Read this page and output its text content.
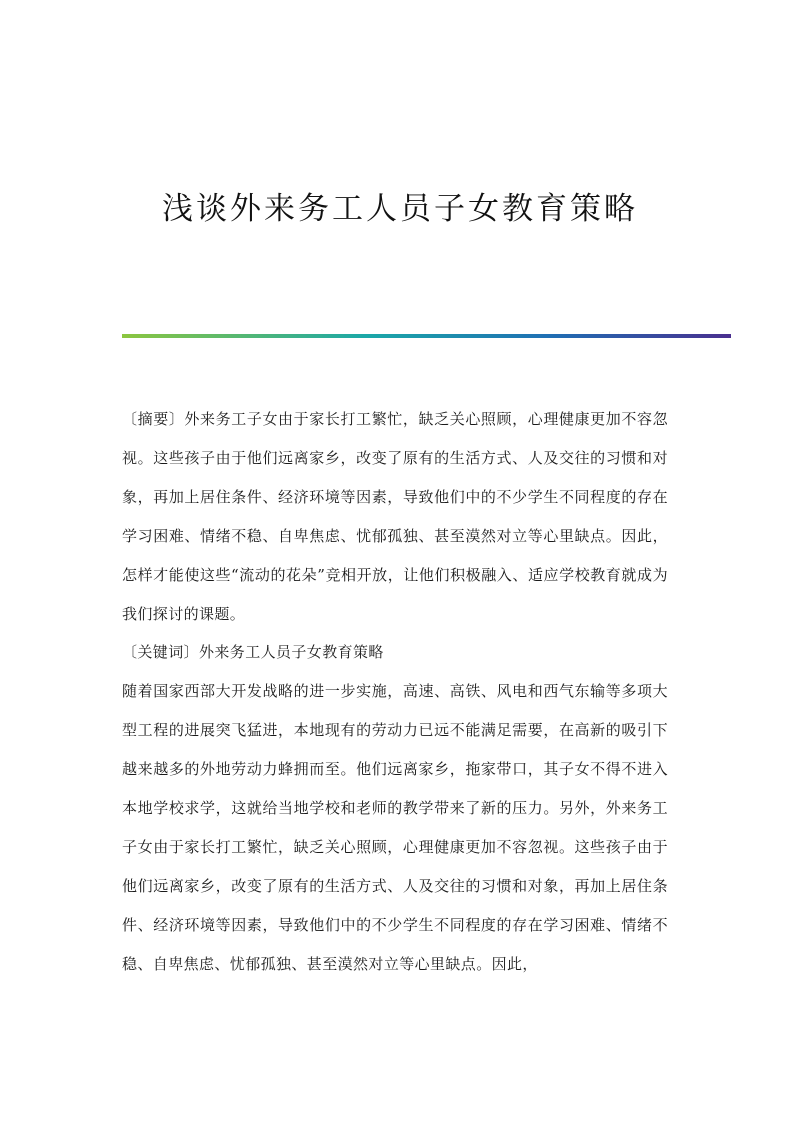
浅谈外来务工人员子女教育策略

〔摘要〕外来务工子女由于家长打工繁忙，缺乏关心照顾，心理健康更加不容忽视。这些孩子由于他们远离家乡，改变了原有的生活方式、人及交往的习惯和对象，再加上居住条件、经济环境等因素，导致他们中的不少学生不同程度的存在学习困难、情绪不稳、自卑焦虑、忧郁孤独、甚至漠然对立等心里缺点。因此，怎样才能使这些“流动的花朵”竞相开放，让他们积极融入、适应学校教育就成为我们探讨的课题。

〔关键词〕外来务工人员子女教育策略

随着国家西部大开发战略的进一步实施，高速、高铁、风电和西气东输等多项大型工程的进展突飞猛进，本地现有的劳动力已远不能满足需要，在高新的吸引下越来越多的外地劳动力蜂拥而至。他们远离家乡，拖家带口，其子女不得不进入本地学校求学，这就给当地学校和老师的教学带来了新的压力。另外，外来务工子女由于家长打工繁忙，缺乏关心照顾，心理健康更加不容忽视。这些孩子由于他们远离家乡，改变了原有的生活方式、人及交往的习惯和对象，再加上居住条件、经济环境等因素，导致他们中的不少学生不同程度的存在学习困难、情绪不稳、自卑焦虑、忧郁孤独、甚至漠然对立等心里缺点。因此，
